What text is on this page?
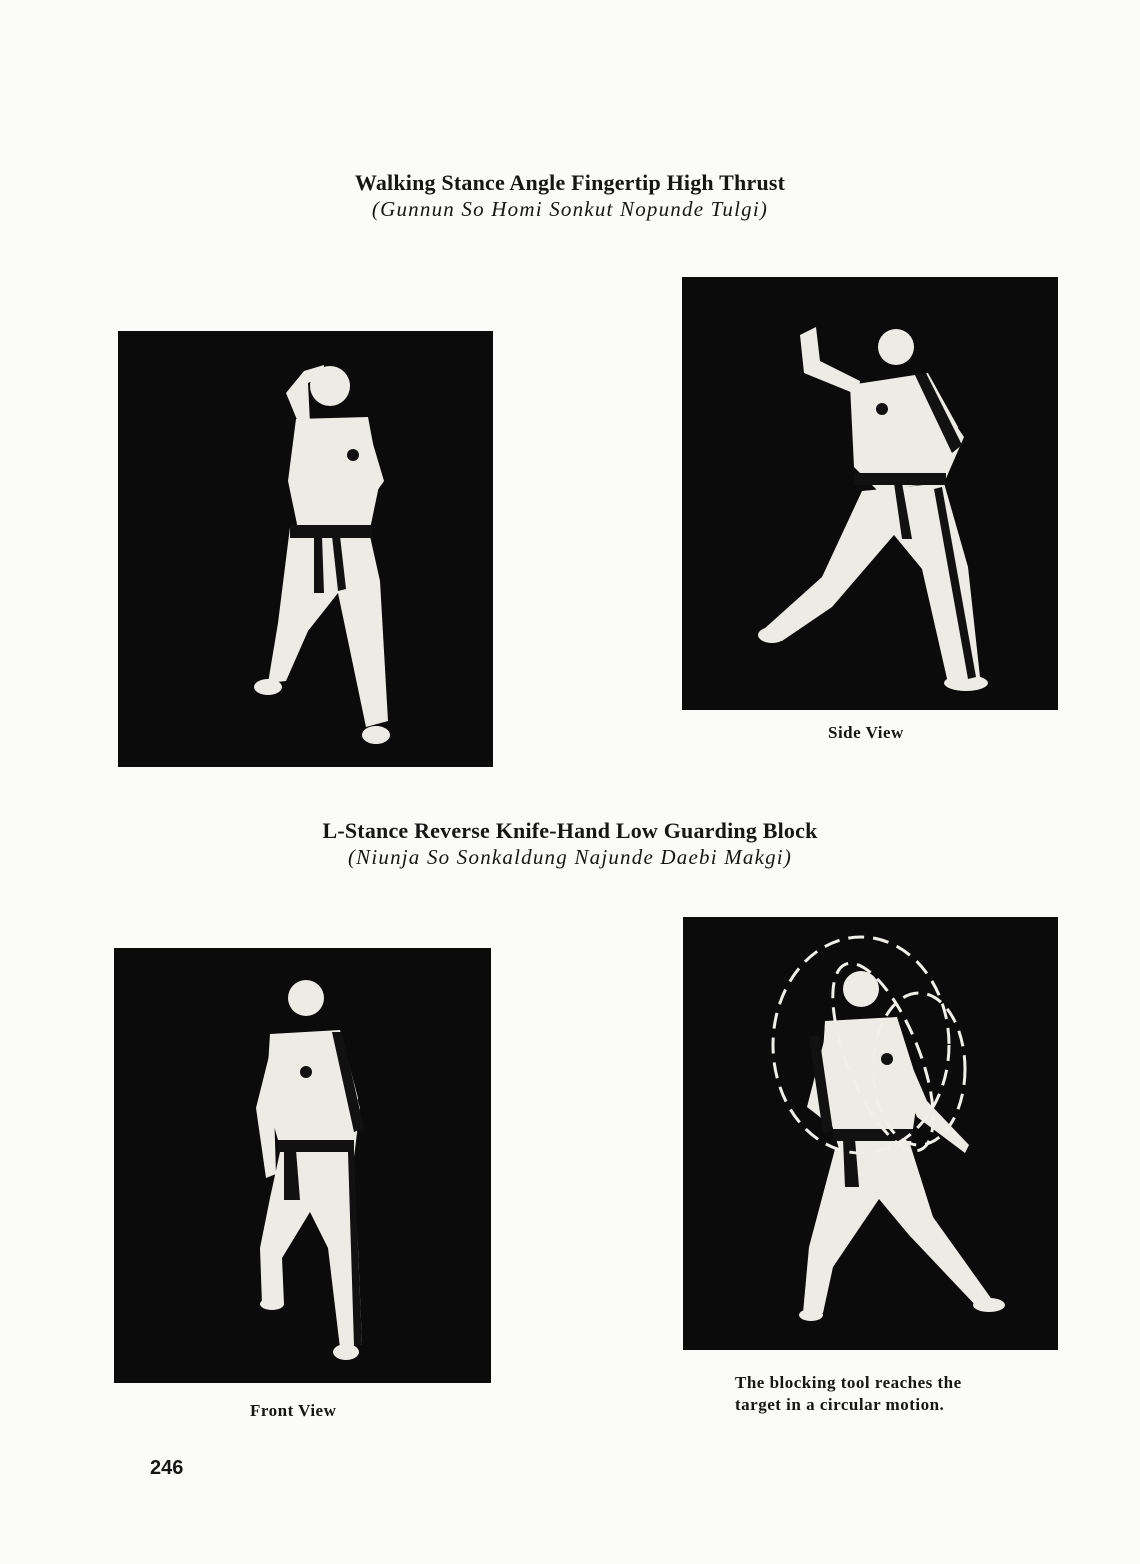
Walking Stance Angle Fingertip High Thrust
(Gunnun So Homi Sonkut Nopunde Tulgi)
Side View
L-Stance Reverse Knife-Hand Low Guarding Block
(Niunja So Sonkaldung Najunde Daebi Makgi)
Front View
The blocking tool reaches the
target in a circular motion.
246
